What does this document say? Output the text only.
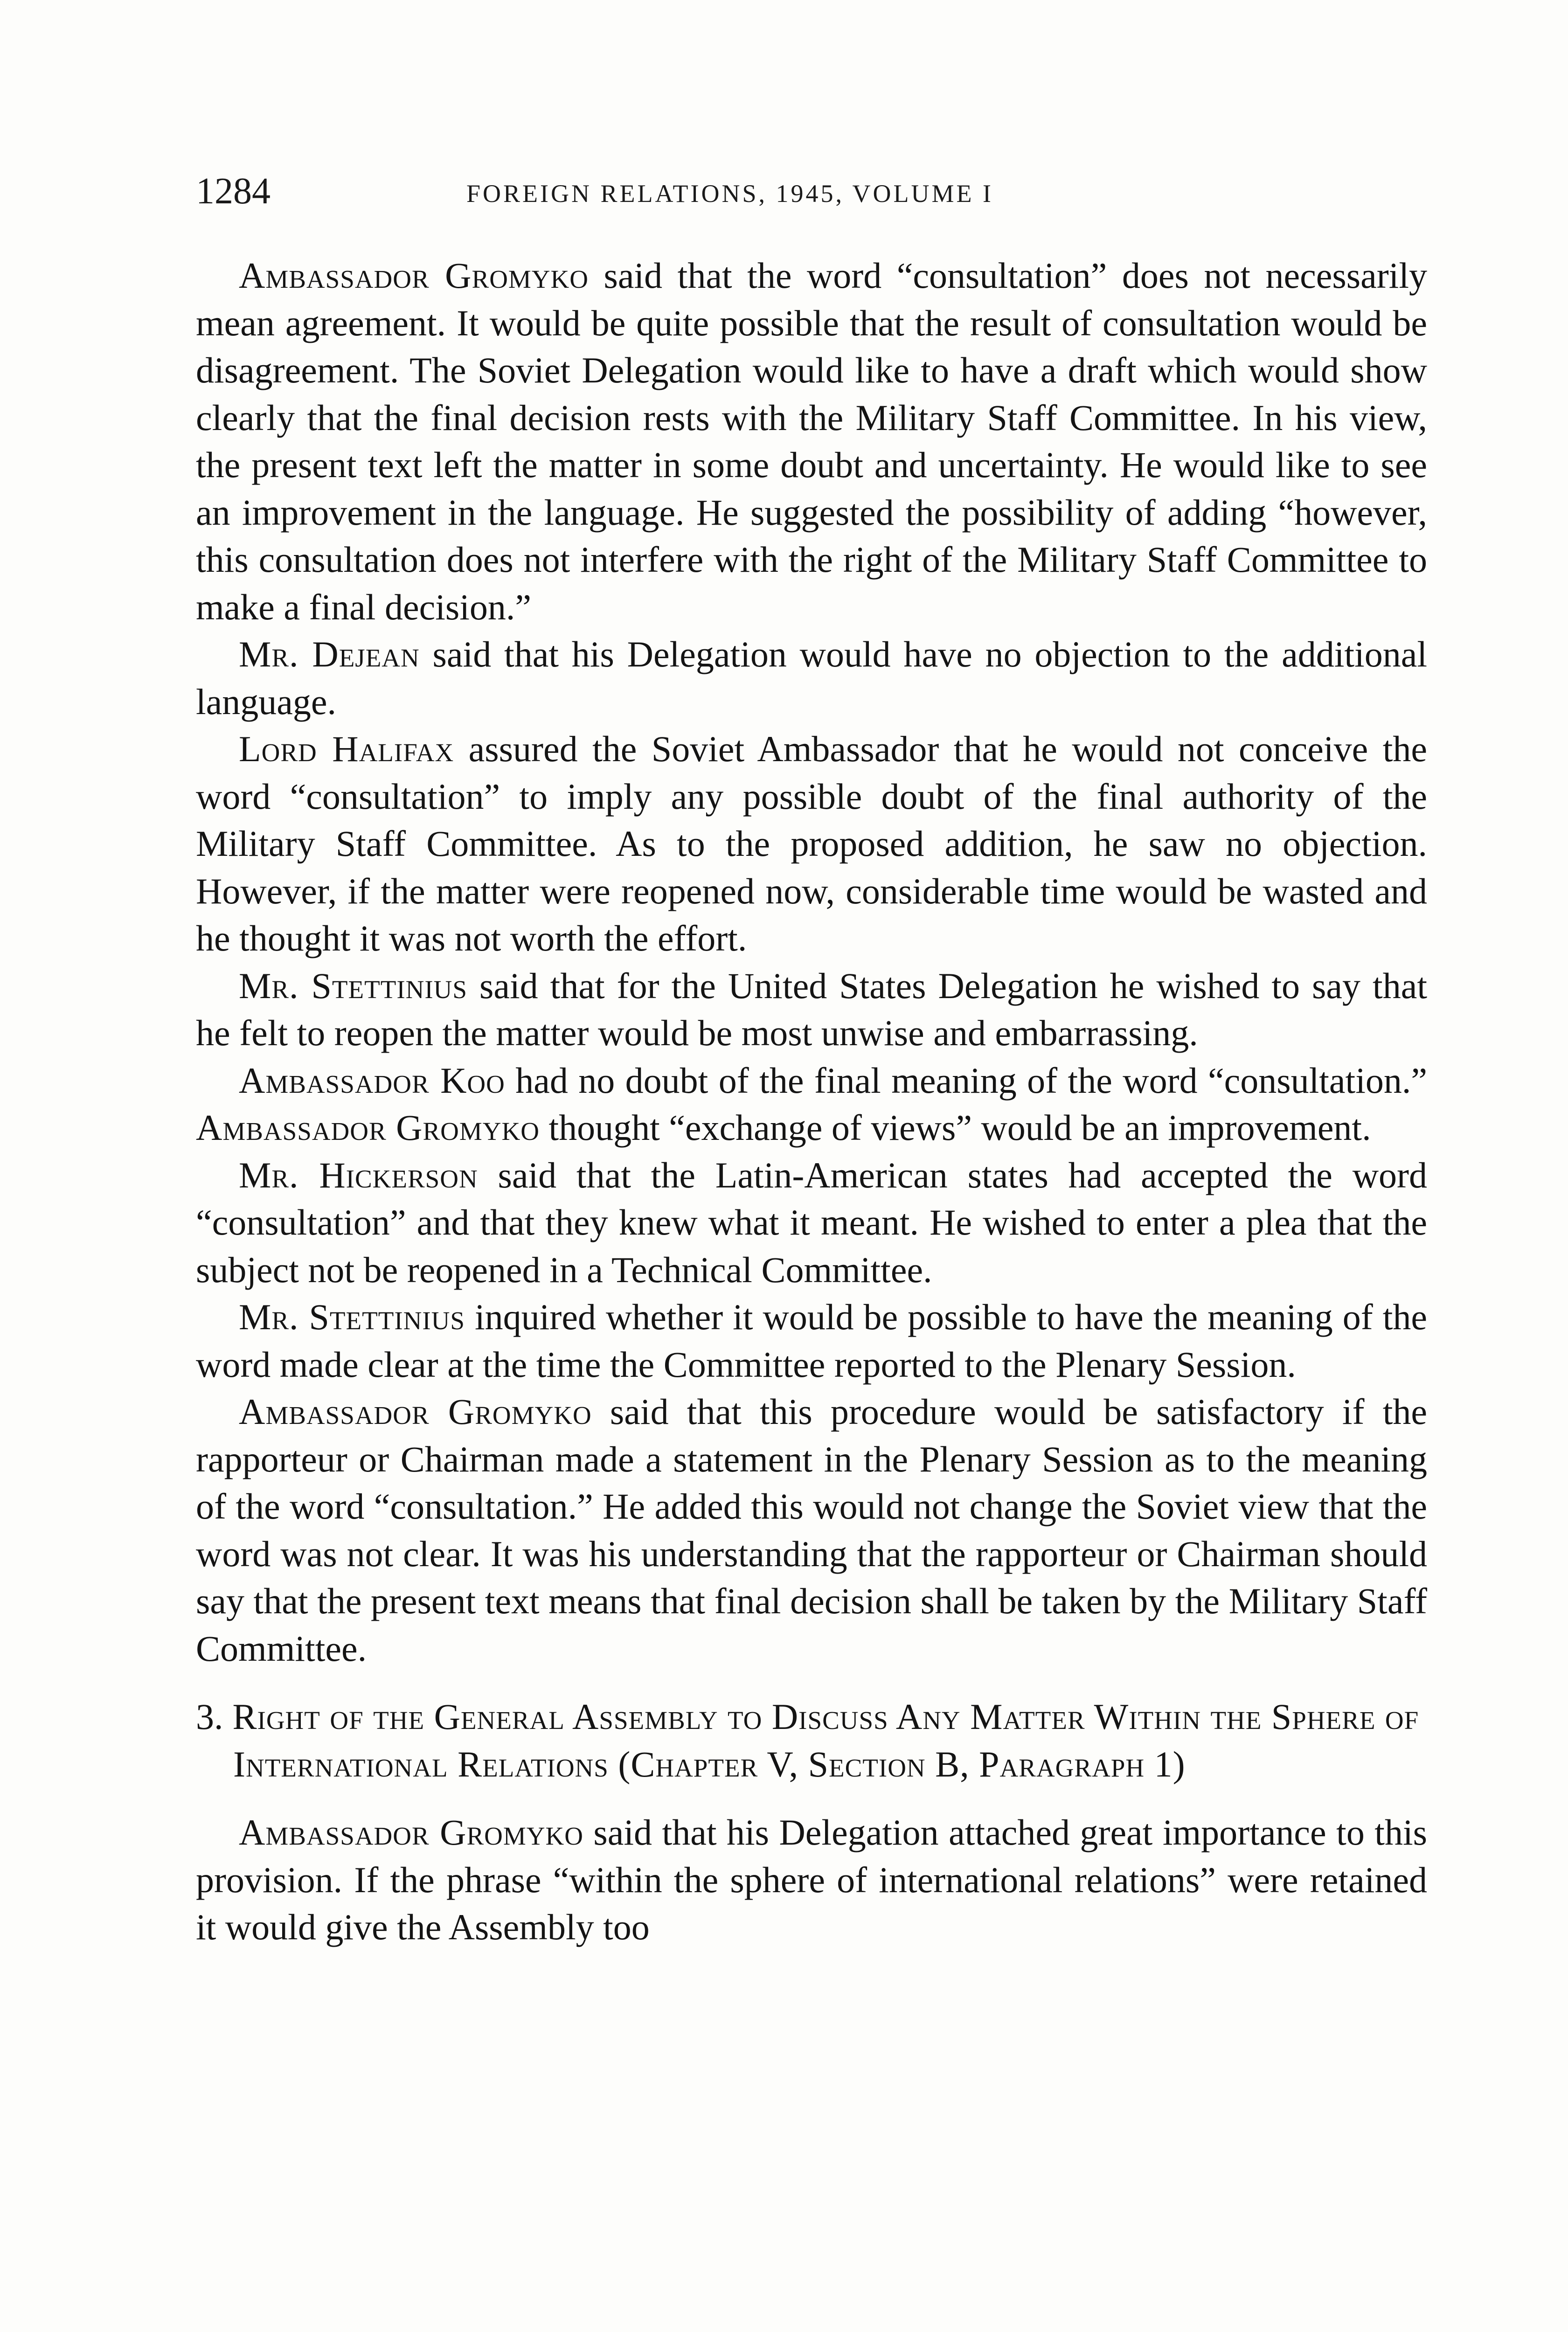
1284	FOREIGN RELATIONS, 1945, VOLUME I

Ambassador Gromyko said that the word “consultation” does not necessarily mean agreement. It would be quite possible that the result of consultation would be disagreement. The Soviet Delegation would like to have a draft which would show clearly that the final decision rests with the Military Staff Committee. In his view, the present text left the matter in some doubt and uncertainty. He would like to see an improvement in the language. He suggested the possibility of adding “however, this consultation does not interfere with the right of the Military Staff Committee to make a final decision.”

Mr. Dejean said that his Delegation would have no objection to the additional language.

Lord Halifax assured the Soviet Ambassador that he would not conceive the word “consultation” to imply any possible doubt of the final authority of the Military Staff Committee. As to the proposed addition, he saw no objection. However, if the matter were reopened now, considerable time would be wasted and he thought it was not worth the effort.

Mr. Stettinius said that for the United States Delegation he wished to say that he felt to reopen the matter would be most unwise and embarrassing.

Ambassador Koo had no doubt of the final meaning of the word “consultation.” Ambassador Gromyko thought “exchange of views” would be an improvement.

Mr. Hickerson said that the Latin-American states had accepted the word “consultation” and that they knew what it meant. He wished to enter a plea that the subject not be reopened in a Technical Committee.

Mr. Stettinius inquired whether it would be possible to have the meaning of the word made clear at the time the Committee reported to the Plenary Session.

Ambassador Gromyko said that this procedure would be satisfactory if the rapporteur or Chairman made a statement in the Plenary Session as to the meaning of the word “consultation.” He added this would not change the Soviet view that the word was not clear. It was his understanding that the rapporteur or Chairman should say that the present text means that final decision shall be taken by the Military Staff Committee.

3. Right of the General Assembly to Discuss Any Matter Within the Sphere of International Relations (Chapter V, Section B, Paragraph 1)

Ambassador Gromyko said that his Delegation attached great importance to this provision. If the phrase “within the sphere of international relations” were retained it would give the Assembly too
